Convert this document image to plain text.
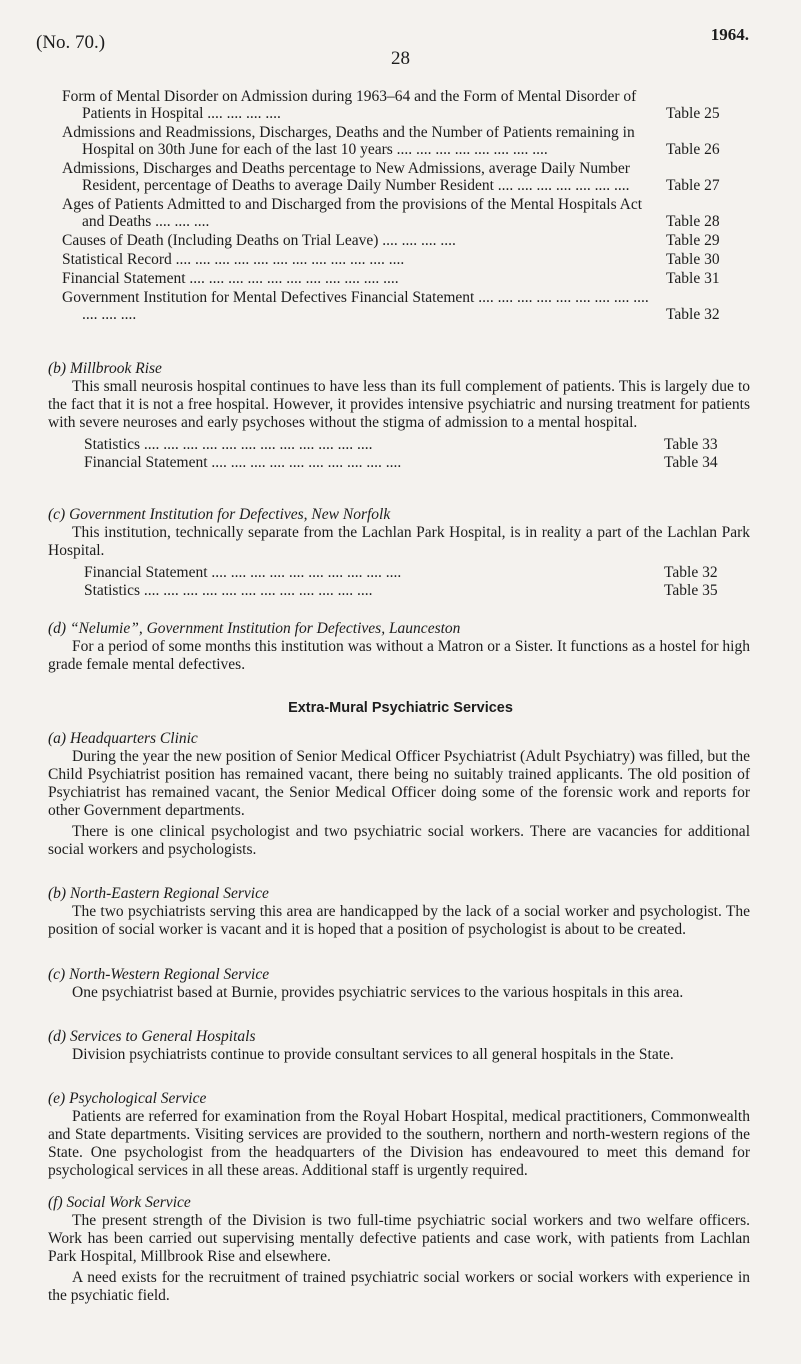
(No. 70.)
28
1964.
Form of Mental Disorder on Admission during 1963–64 and the Form of Mental Disorder of Patients in Hospital .... .... .... ....	Table 25
Admissions and Readmissions, Discharges, Deaths and the Number of Patients remaining in Hospital on 30th June for each of the last 10 years .... .... .... .... .... .... .... ....	Table 26
Admissions, Discharges and Deaths percentage to New Admissions, average Daily Number Resident, percentage of Deaths to average Daily Number Resident .... .... .... .... .... .... ....	Table 27
Ages of Patients Admitted to and Discharged from the provisions of the Mental Hospitals Act and Deaths .... .... ....	Table 28
Causes of Death (Including Deaths on Trial Leave) .... .... .... ....	Table 29
Statistical Record .... .... .... .... .... .... .... .... .... .... .... ....	Table 30
Financial Statement .... .... .... .... .... .... .... .... .... .... ....	Table 31
Government Institution for Mental Defectives Financial Statement .... .... .... .... .... .... .... .... .... .... .... ....	Table 32
(b) Millbrook Rise

This small neurosis hospital continues to have less than its full complement of patients. This is largely due to the fact that it is not a free hospital. However, it provides intensive psychiatric and nursing treatment for patients with severe neuroses and early psychoses without the stigma of admission to a mental hospital.

Statistics .... .... .... .... .... .... .... .... .... .... .... ....	Table 33
Financial Statement .... .... .... .... .... .... .... .... .... ....	Table 34
(c) Government Institution for Defectives, New Norfolk

This institution, technically separate from the Lachlan Park Hospital, is in reality a part of the Lachlan Park Hospital.

Financial Statement .... .... .... .... .... .... .... .... .... ....	Table 32
Statistics .... .... .... .... .... .... .... .... .... .... .... ....	Table 35
(d) “Nelumie”, Government Institution for Defectives, Launceston

For a period of some months this institution was without a Matron or a Sister. It functions as a hostel for high grade female mental defectives.

Extra-Mural Psychiatric Services
(a) Headquarters Clinic

During the year the new position of Senior Medical Officer Psychiatrist (Adult Psychiatry) was filled, but the Child Psychiatrist position has remained vacant, there being no suitably trained applicants. The old position of Psychiatrist has remained vacant, the Senior Medical Officer doing some of the forensic work and reports for other Government departments.

There is one clinical psychologist and two psychiatric social workers. There are vacancies for additional social workers and psychologists.

(b) North-Eastern Regional Service

The two psychiatrists serving this area are handicapped by the lack of a social worker and psychologist. The position of social worker is vacant and it is hoped that a position of psychologist is about to be created.

(c) North-Western Regional Service

One psychiatrist based at Burnie, provides psychiatric services to the various hospitals in this area.

(d) Services to General Hospitals

Division psychiatrists continue to provide consultant services to all general hospitals in the State.

(e) Psychological Service

Patients are referred for examination from the Royal Hobart Hospital, medical practitioners, Commonwealth and State departments. Visiting services are provided to the southern, northern and north-western regions of the State. One psychologist from the headquarters of the Division has endeavoured to meet this demand for psychological services in all these areas. Additional staff is urgently required.

(f) Social Work Service

The present strength of the Division is two full-time psychiatric social workers and two welfare officers. Work has been carried out supervising mentally defective patients and case work, with patients from Lachlan Park Hospital, Millbrook Rise and elsewhere.

A need exists for the recruitment of trained psychiatric social workers or social workers with experience in the psychiatic field.
